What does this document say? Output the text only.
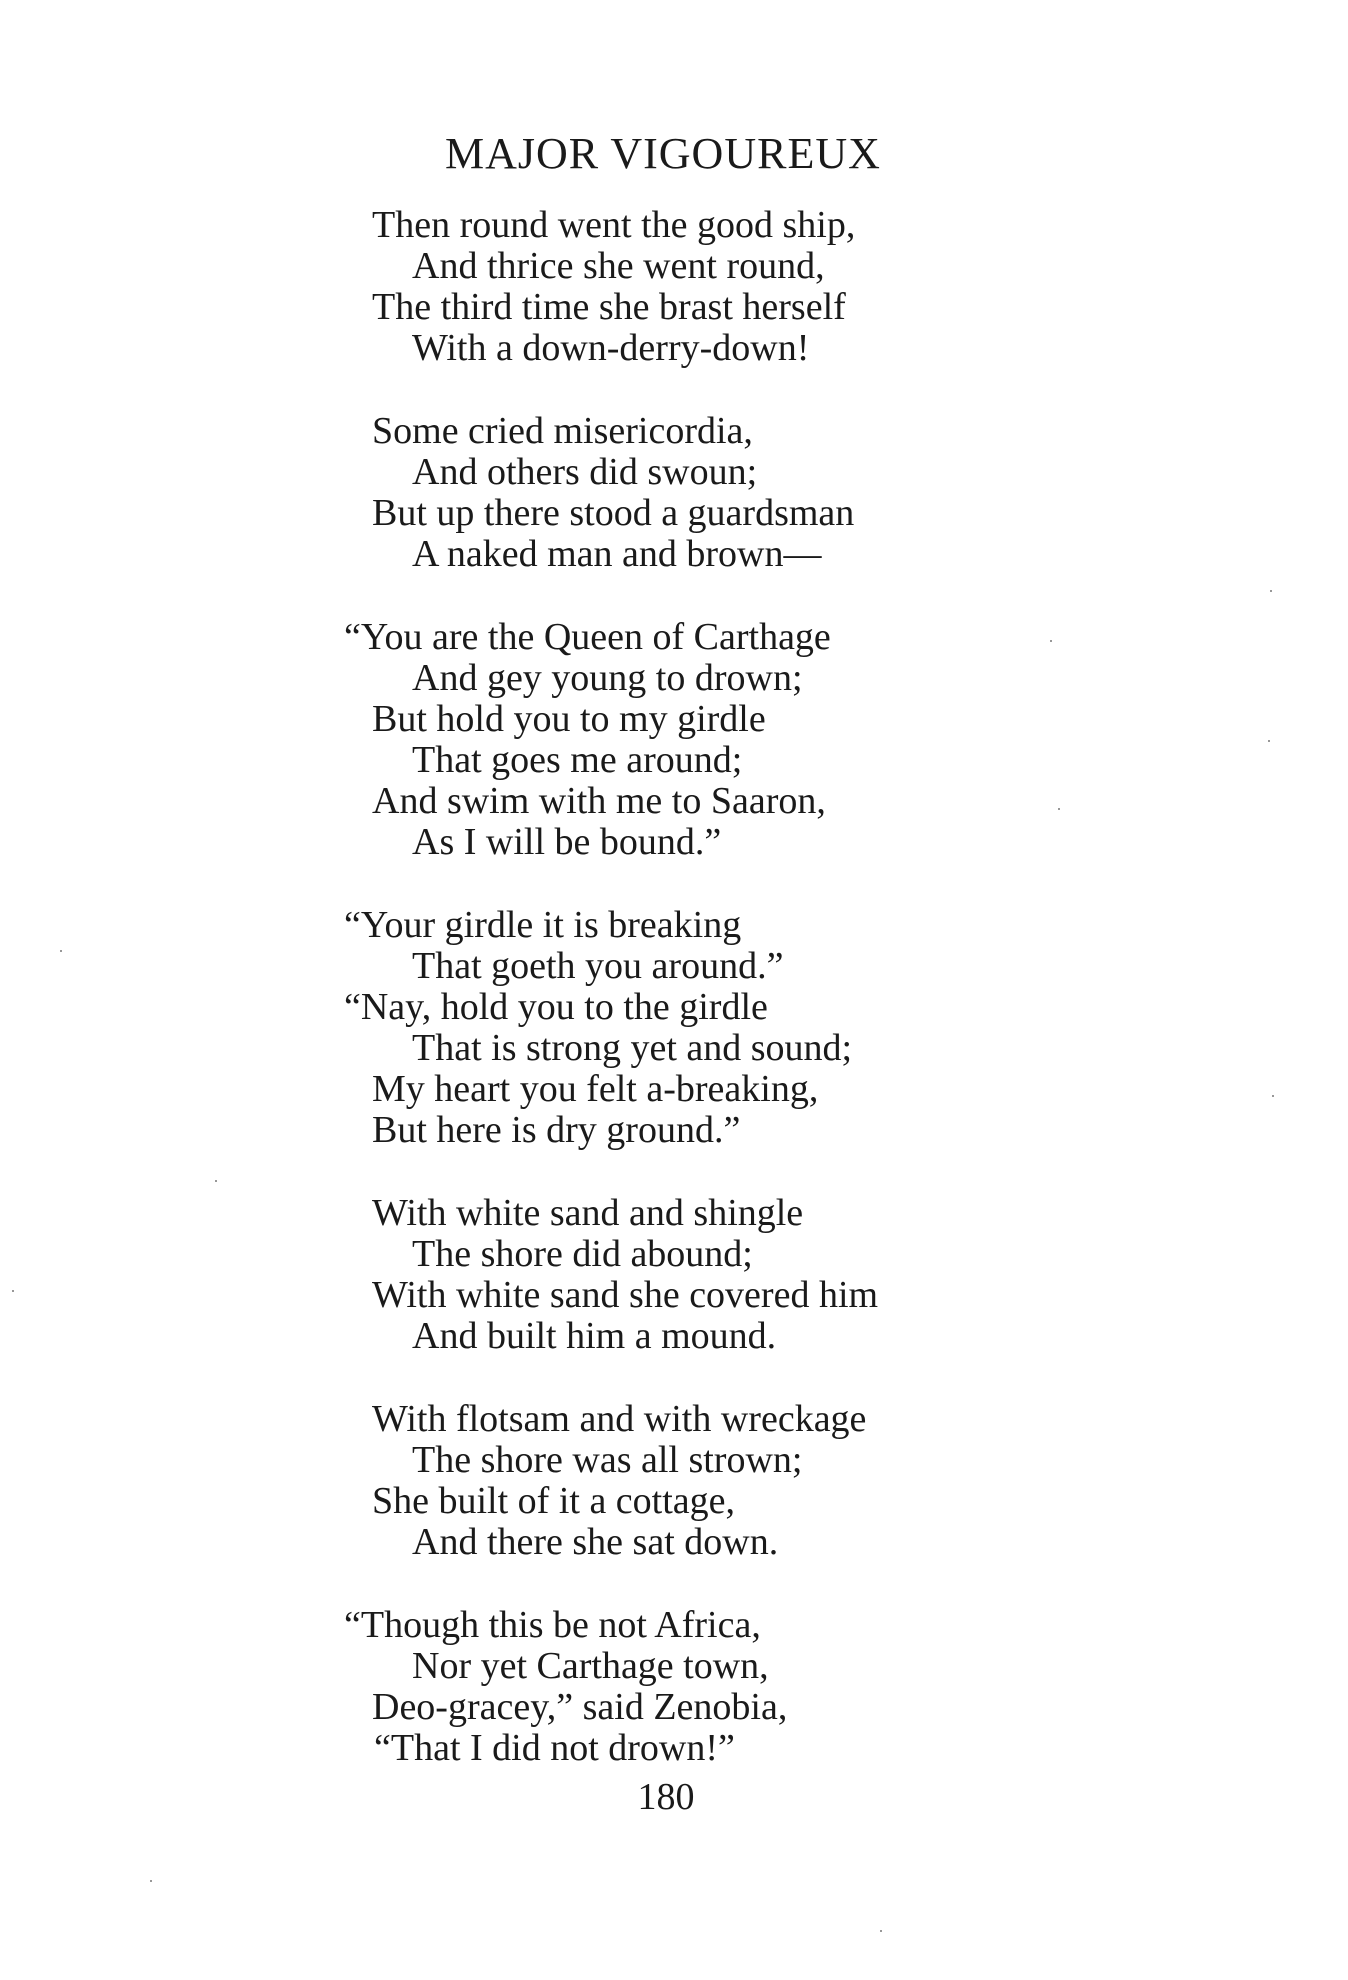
MAJOR VIGOUREUX
Then round went the good ship,
And thrice she went round,
The third time she brast herself
With a down-derry-down!
Some cried misericordia,
And others did swoun;
But up there stood a guardsman
A naked man and brown—
“You are the Queen of Carthage
And gey young to drown;
But hold you to my girdle
That goes me around;
And swim with me to Saaron,
As I will be bound.”
“Your girdle it is breaking
That goeth you around.”
“Nay, hold you to the girdle
That is strong yet and sound;
My heart you felt a-breaking,
But here is dry ground.”
With white sand and shingle
The shore did abound;
With white sand she covered him
And built him a mound.
With flotsam and with wreckage
The shore was all strown;
She built of it a cottage,
And there she sat down.
“Though this be not Africa,
Nor yet Carthage town,
Deo-gracey,” said Zenobia,
“That I did not drown!”
180
